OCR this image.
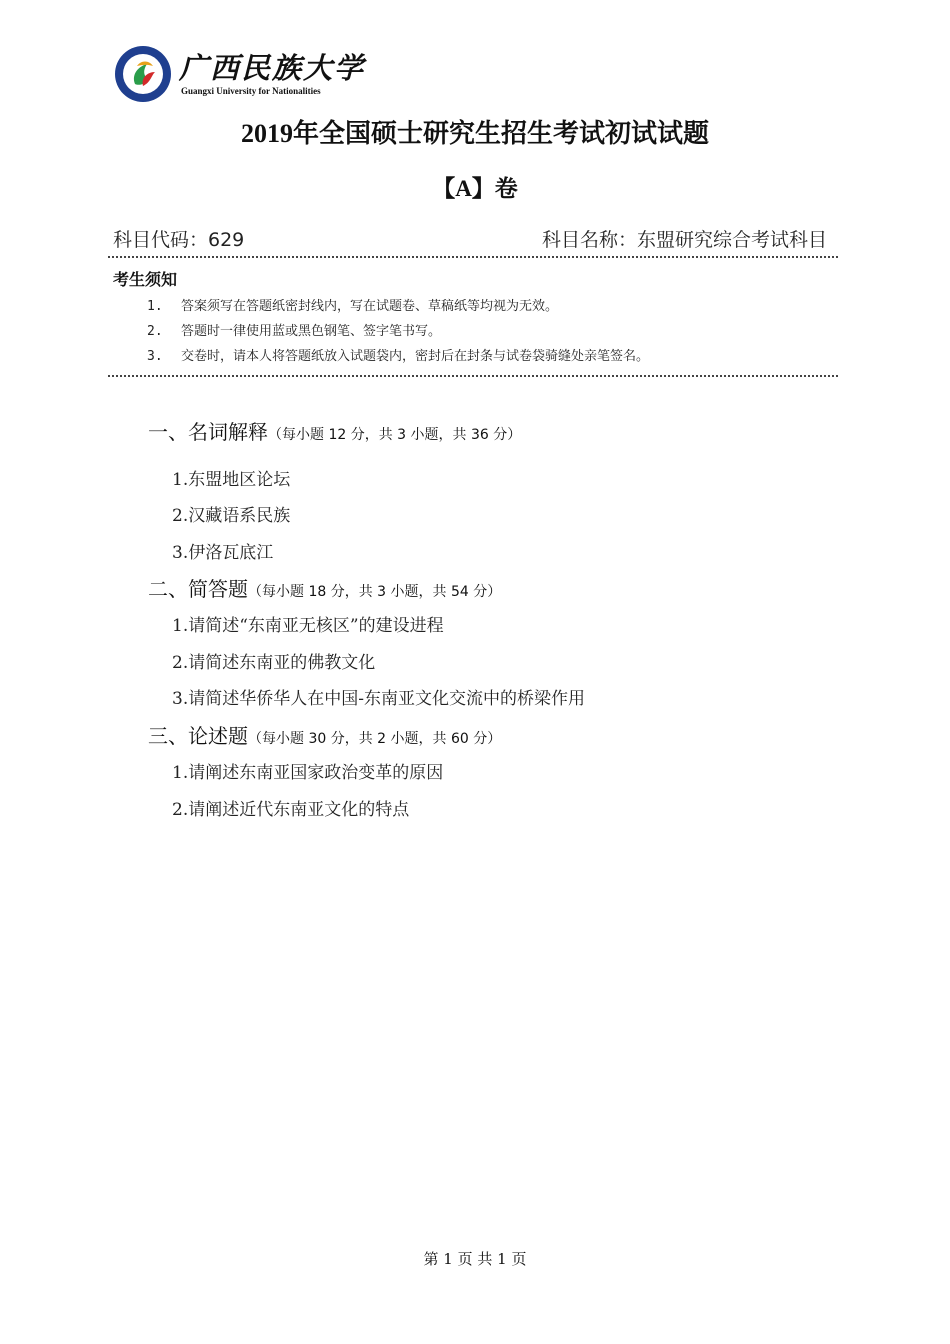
广西民族大学
Guangxi University for Nationalities
2019年全国硕士研究生招生考试初试试题
【A】卷
科目代码：629	科目名称：东盟研究综合考试科目
考生须知
1. 答案须写在答题纸密封线内，写在试题卷、草稿纸等均视为无效。
2. 答题时一律使用蓝或黑色钢笔、签字笔书写。
3. 交卷时，请本人将答题纸放入试题袋内，密封后在封条与试卷袋骑缝处亲笔签名。
一、名词解释（每小题 12 分，共 3 小题，共 36 分）
1.东盟地区论坛
2.汉藏语系民族
3.伊洛瓦底江
二、简答题（每小题 18 分，共 3 小题，共 54 分）
1.请简述“东南亚无核区”的建设进程
2.请简述东南亚的佛教文化
3.请简述华侨华人在中国-东南亚文化交流中的桥梁作用
三、论述题（每小题 30 分，共 2 小题，共 60 分）
1.请阐述东南亚国家政治变革的原因
2.请阐述近代东南亚文化的特点
第 1 页 共 1 页
